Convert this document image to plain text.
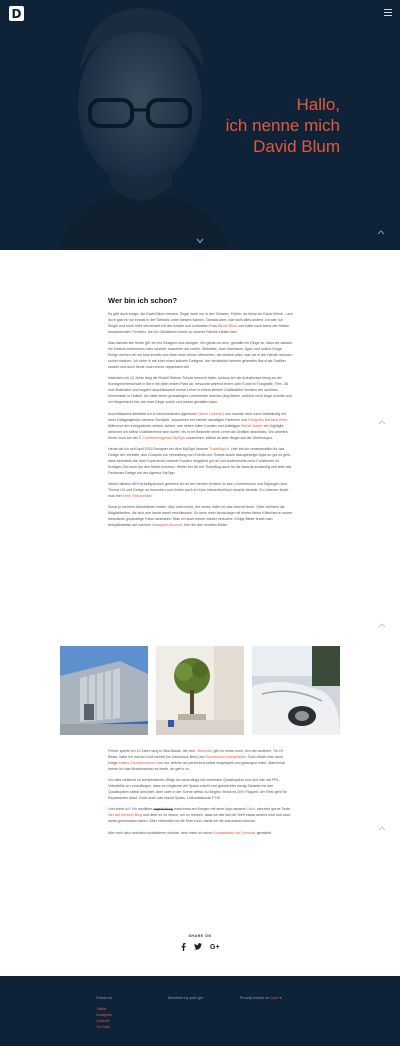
D
Hallo,
ich nenne mich
David Blum
Wer bin ich schon?

Es gibt doch einige, die David Blum heissen. Sogar auch nur in der Schweiz. Früher, da hiess ich David Wenk – und doch gab es nur einmal in der Schweiz unter diesem Namen. Damals aber, war nicht alles anders. Ich war nur Single und noch nicht verheiratet mit der besten und schönsten Frau Nicole Blum und hatte noch keine der beiden bezaubernden Töchtern, die ich Glücklicher heute zu unserer Familie zählen darf.

Was damals wie heute gilt: ich bin Designer und designe. Um genau zu sein, gestalte ich Dinge so, dass sie danach ein Gesicht bekommen oder schöner aussehen als vorher. Websites, User Interfaces, Apps und solche Dinge. Einige meinen ich sei total kreativ und eben einer dieser Menschen, die einfach alles, was sie in die Hände nehmen schön machen. Ich sehe in mir eher einen solchen Designer, der strukturiert seinem gelernten Beruf als Grafiker sauber und auch heute noch immer daydreamt will.

Nachdem ich 12 Jahre lang die Rudolf Steiner Schule besucht habe, schloss ich die Aufnahmeprüfung an der Kunstgewerbeschule in Bern mit (kein ersten Platz ab, besuchte wärend einem Jahr Kurse in Fotografie, Film, 3D und Illustration und begann anschliessend meine Lehre in einem kleinen Grafikatelier inmitten der schönen Emmentale in Huttwil. Ich hatte einen grossartigen Lehrmeister lesenen (ling lieben, welcher mich Auge schulte und mir beigebracht hat, wie man Dinge schön und lesbar gestalten kann.

Anschliessend arbeitete ich in verschiedenen Agenturen (siehe LinkedIn) und machte mich nach selbständig mit einer Designagentur namens Schöpfer, zusammen mit meiner damaligen Partnerin und Fotografin Barbara Heep. Während den erfolgreichen sieben Jahren, war neben tollen Kunden und Aufträgen Michel Mader ein Highlight, welchem ich selbst Grafikbetriebe sein durfte, bis er im Bestreite seine Lehre als Grafiker abschloss. Wir arbeiten heute noch bei der E-Commerceagentur MySign zusammen; Michel ist aber längst auf der Überholspur.

Heute bin ich seit April 2019 Designer bei dem MySign Venture TicketBuy.ch. Hier bin ich verantwortlich für das Design der Website, des Cockpits zur Verwaltung von Events und Tickets sowie dazugehörige Apps so gut es geht, dass einerseits die User Experience unserer Kunden möglichst gut ist und andererseits neue Funktionen zu richtigen Ziel auch bei den Markt kommen. Weiter bin ich bei TicketBug auch für die Awards zuständig und leite das Fachteam Design bei der Agentur MySign.

Neben diesem 80% Arbeitspensum genesse ich es bei meinen Kindern zu sein, Konferenzen und Tagungen zum Thema UX und Design zu besuchen und dorten auch im Kurs InteractiveDock visuelle Module. Zu Lebenen findet man hier mein Videokanäle.

Sonst ju meinem Arbeitsleben bieten: Mini nicht bevor, der weiss, liebe ich das Internet liebe. Oder vielmehr die Möglichkeiten, die sich une heute damit erschliessen. So seim mein heutzutage mit einem kleine Käfechen in seiner historische grossartige Fotos schiessen. Was ich auch immer wieder versuche. Einige Bilder findet man beispielsweise auf meinem Instagram-Account, hier die drei neusten Bilder:

Früher spielte ich 10 Jahre lang in Ska-Bands, die eine, Maxmilla, gibt es heute noch, ihm der anderen, Tin Of Beats, habe ich mal ein Lied formell (im Dachstock Bern) auf Soundcloud hochgeladen. Doch findet man auch einige Mashs Soundversionen von mir, welche ich persönlich selbst eingespielt und gesungen habe. Manchmal nenne ich das Musikmachen es bisefr, ich geb's zu.

Um dies vielleicht zu kompensieren, fliege ich neuerdings mit surrenden Quadkoptern rum und zite mit FPV-Videobrille so rumzufliegen, dass es möglichst viel Spass macht und geschickter wenig Schaden ist den Quadkoptern selbst anrichtet. Aber oder in der Szene weiss; zu Beginn: feindt es 30% Flugzeit, der Rest geht für Reparaturen drauf. Doch auch das macht Spass. Lötkunststunde FTW.

Und sonst so? Ich meditiere regelmässig manchmal am Morgen mit einer App namens Calm, schreibe gerne Texte hier auf meinem Blog und liebe es zu reisen, um zu merken, dass wir alle auf der Welt etwas anders sind und doch weiss gemeinsam haben. Aber vermutlich ist die Erde rund, damit wir nie ankommen können.

Wer mich also trotzdem kontaktieren möchte, dem habe ich seine Kontaktdaten mit Formular gebastelt.

SHARE ON
G+
Follow me
Twitter
Instagram
LinkedIn
YouTube
Betrieben by quiet get	Proudly hosted on Cyon ♥
